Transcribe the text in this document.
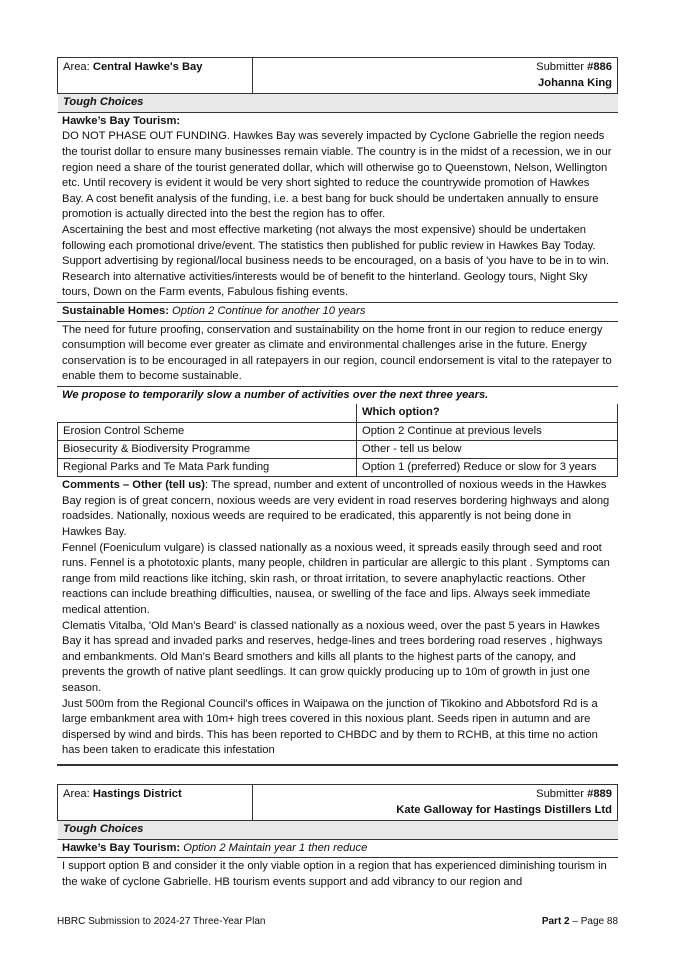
Area: Central Hawke's Bay	Submitter #886
Johanna King
Tough Choices
Hawke’s Bay Tourism:

DO NOT PHASE OUT FUNDING. Hawkes Bay was severely impacted by Cyclone Gabrielle the region needs the tourist dollar to ensure many businesses remain viable. The country is in the midst of a recession, we in our region need a share of the tourist generated dollar, which will otherwise go to Queenstown, Nelson, Wellington etc. Until recovery is evident it would be very short sighted to reduce the countrywide promotion of Hawkes Bay. A cost benefit analysis of the funding, i.e. a best bang for buck should be undertaken annually to ensure promotion is actually directed into the best the region has to offer.

Ascertaining the best and most effective marketing (not always the most expensive) should be undertaken following each promotional drive/event. The statistics then published for public review in Hawkes Bay Today. Support advertising by regional/local business needs to be encouraged, on a basis of 'you have to be in to win. Research into alternative activities/interests would be of benefit to the hinterland. Geology tours, Night Sky tours, Down on the Farm events, Fabulous fishing events.

Sustainable Homes: Option 2 Continue for another 10 years

The need for future proofing, conservation and sustainability on the home front in our region to reduce energy consumption will become ever greater as climate and environmental challenges arise in the future. Energy conservation is to be encouraged in all ratepayers in our region, council endorsement is vital to the ratepayer to enable them to become sustainable.

We propose to temporarily slow a number of activities over the next three years.
	Which option?
Erosion Control Scheme	Option 2 Continue at previous levels
Biosecurity & Biodiversity Programme	Other - tell us below
Regional Parks and Te Mata Park funding	Option 1 (preferred) Reduce or slow for 3 years

Comments – Other (tell us): The spread, number and extent of uncontrolled of noxious weeds in the Hawkes Bay region is of great concern, noxious weeds are very evident in road reserves bordering highways and along roadsides. Nationally, noxious weeds are required to be eradicated, this apparently is not being done in Hawkes Bay.

Fennel (Foeniculum vulgare) is classed nationally as a noxious weed, it spreads easily through seed and root runs. Fennel is a phototoxic plants, many people, children in particular are allergic to this plant . Symptoms can range from mild reactions like itching, skin rash, or throat irritation, to severe anaphylactic reactions. Other reactions can include breathing difficulties, nausea, or swelling of the face and lips. Always seek immediate medical attention.

Clematis Vitalba, 'Old Man's Beard' is classed nationally as a noxious weed, over the past 5 years in Hawkes Bay it has spread and invaded parks and reserves, hedge-lines and trees bordering road reserves , highways and embankments. Old Man’s Beard smothers and kills all plants to the highest parts of the canopy, and prevents the growth of native plant seedlings. It can grow quickly producing up to 10m of growth in just one season.

Just 500m from the Regional Council's offices in Waipawa on the junction of Tikokino and Abbotsford Rd is a large embankment area with 10m+ high trees covered in this noxious plant. Seeds ripen in autumn and are dispersed by wind and birds. This has been reported to CHBDC and by them to RCHB, at this time no action has been taken to eradicate this infestation

Area: Hastings District	Submitter #889
Kate Galloway for Hastings Distillers Ltd
Tough Choices
Hawke’s Bay Tourism: Option 2 Maintain year 1 then reduce

I support option B and consider it the only viable option in a region that has experienced diminishing tourism in the wake of cyclone Gabrielle. HB tourism events support and add vibrancy to our region and

HBRC Submission to 2024-27 Three-Year Plan	Part 2 – Page 88
